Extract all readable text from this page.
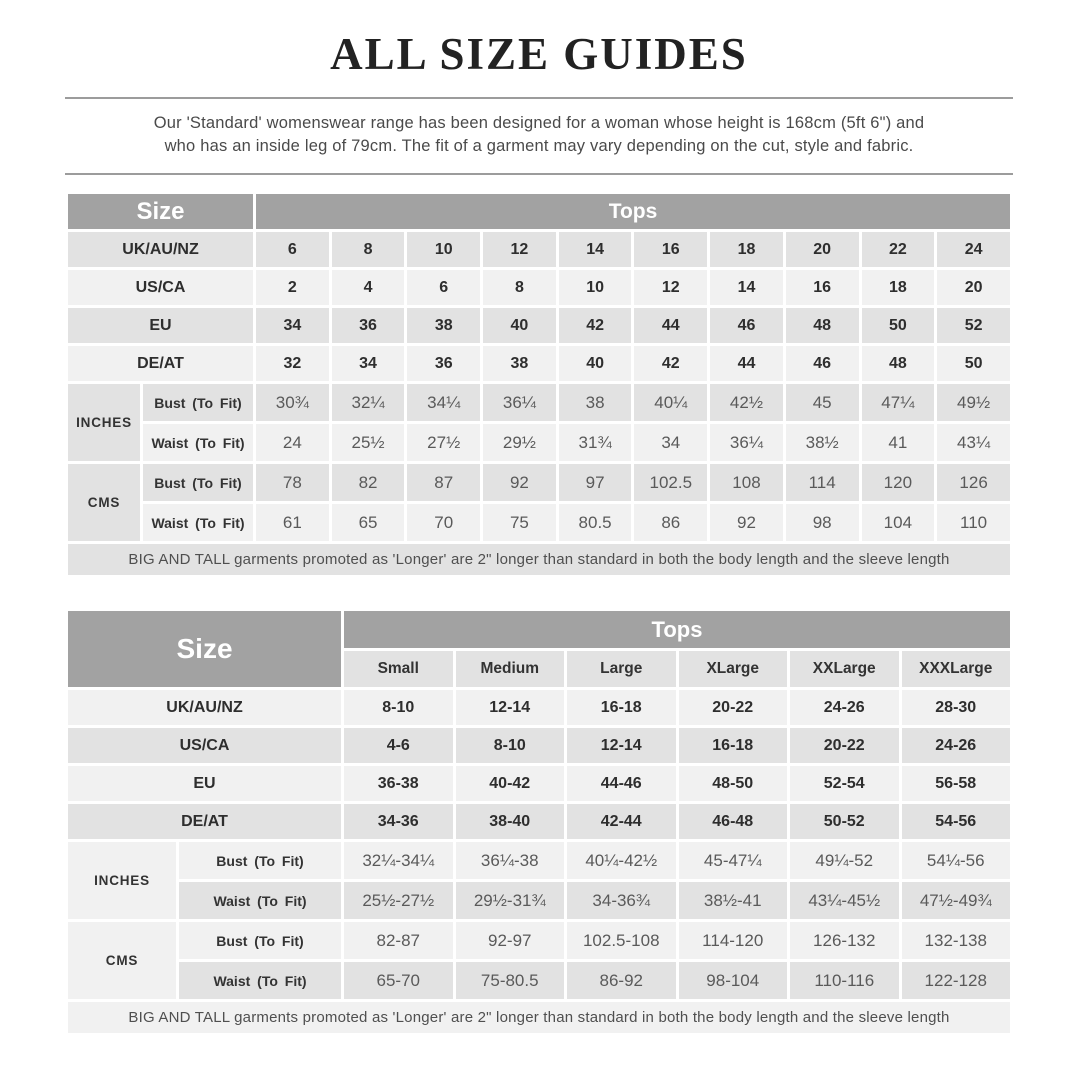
ALL SIZE GUIDES

Our 'Standard' womenswear range has been designed for a woman whose height is 168cm (5ft 6") and
who has an inside leg of 79cm. The fit of a garment may vary depending on the cut, style and fabric.

Size		Tops									
UK/AU/NZ		6	8	10	12	14	16	18	20	22	24
US/CA		2	4	6	8	10	12	14	16	18	20
EU		34	36	38	40	42	44	46	48	50	52
DE/AT		32	34	36	38	40	42	44	46	48	50
INCHES	Bust (To Fit)	30¾	32¼	34¼	36¼	38	40¼	42½	45	47¼	49½
	Waist (To Fit)	24	25½	27½	29½	31¾	34	36¼	38½	41	43¼
CMS	Bust (To Fit)	78	82	87	92	97	102.5	108	114	120	126
	Waist (To Fit)	61	65	70	75	80.5	86	92	98	104	110
BIG AND TALL garments promoted as 'Longer' are 2" longer than standard in both the body length and the sleeve length											
Size		Tops					
		Small	Medium	Large	XLarge	XXLarge	XXXLarge
UK/AU/NZ		8-10	12-14	16-18	20-22	24-26	28-30
US/CA		4-6	8-10	12-14	16-18	20-22	24-26
EU		36-38	40-42	44-46	48-50	52-54	56-58
DE/AT		34-36	38-40	42-44	46-48	50-52	54-56
INCHES	Bust (To Fit)	32¼-34¼	36¼-38	40¼-42½	45-47¼	49¼-52	54¼-56
	Waist (To Fit)	25½-27½	29½-31¾	34-36¾	38½-41	43¼-45½	47½-49¾
CMS	Bust (To Fit)	82-87	92-97	102.5-108	114-120	126-132	132-138
	Waist (To Fit)	65-70	75-80.5	86-92	98-104	110-116	122-128
BIG AND TALL garments promoted as 'Longer' are 2" longer than standard in both the body length and the sleeve length							
